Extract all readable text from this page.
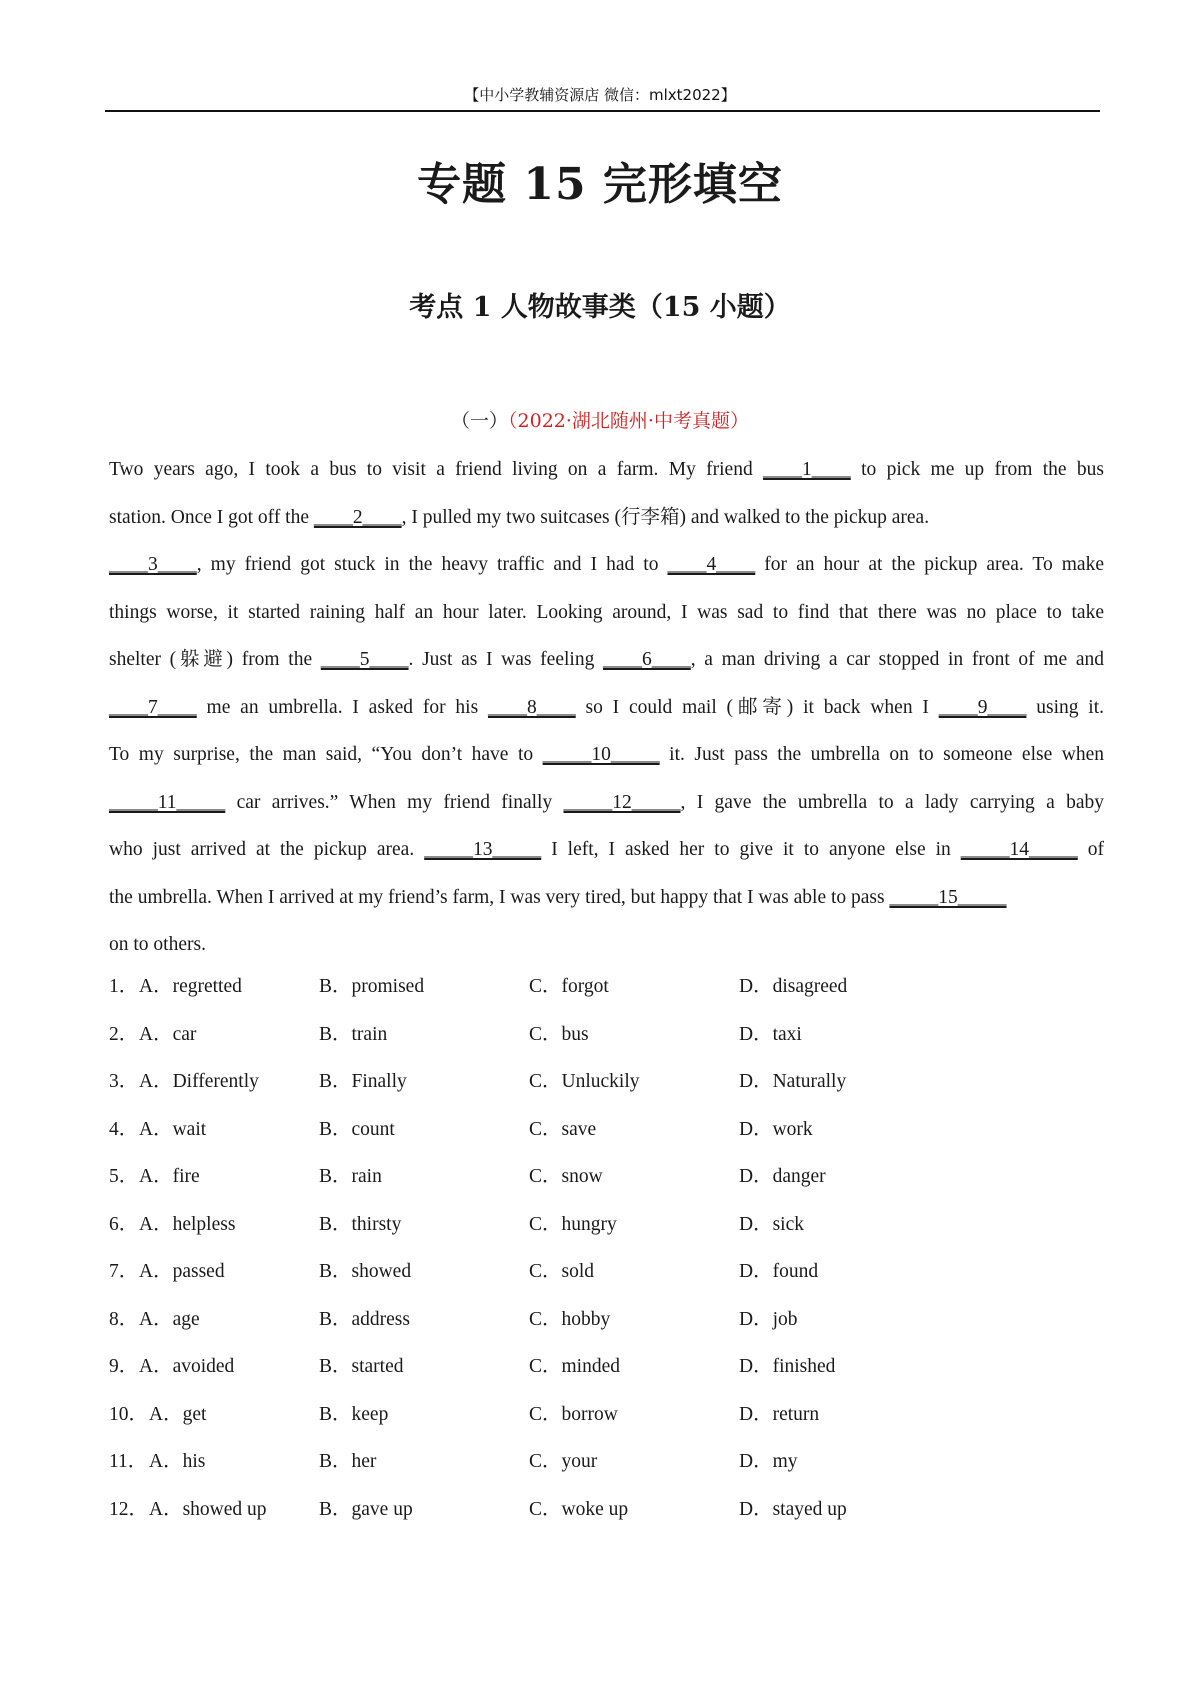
【中小学教辅资源店 微信：mlxt2022】
专题 15 完形填空
考点 1 人物故事类（15 小题）
（一）（2022·湖北随州·中考真题）
Two years ago, I took a bus to visit a friend living on a farm. My friend ____1____ to pick me up from the bus
station. Once I got off the ____2____, I pulled my two suitcases (行李箱) and walked to the pickup area.
____3____, my friend got stuck in the heavy traffic and I had to ____4____ for an hour at the pickup area. To make
things worse, it started raining half an hour later. Looking around, I was sad to find that there was no place to take
shelter (躲避) from the ____5____. Just as I was feeling ____6____, a man driving a car stopped in front of me and
____7____ me an umbrella. I asked for his ____8____ so I could mail (邮寄) it back when I ____9____ using it.
To my surprise, the man said, “You don’t have to _____10_____ it. Just pass the umbrella on to someone else when
_____11_____ car arrives.” When my friend finally _____12_____, I gave the umbrella to a lady carrying a baby
who just arrived at the pickup area. _____13_____ I left, I asked her to give it to anyone else in _____14_____ of
the umbrella. When I arrived at my friend’s farm, I was very tired, but happy that I was able to pass _____15_____
on to others.
1． A．regretted	B．promised	C．forgot	D．disagreed
2． A．car	B．train	C．bus	D．taxi
3． A．Differently	B．Finally	C．Unluckily	D．Naturally
4． A．wait	B．count	C．save	D．work
5． A．fire	B．rain	C．snow	D．danger
6． A．helpless	B．thirsty	C．hungry	D．sick
7． A．passed	B．showed	C．sold	D．found
8． A．age	B．address	C．hobby	D．job
9． A．avoided	B．started	C．minded	D．finished
10． A．get	B．keep	C．borrow	D．return
11． A．his	B．her	C．your	D．my
12． A．showed up	B．gave up	C．woke up	D．stayed up
